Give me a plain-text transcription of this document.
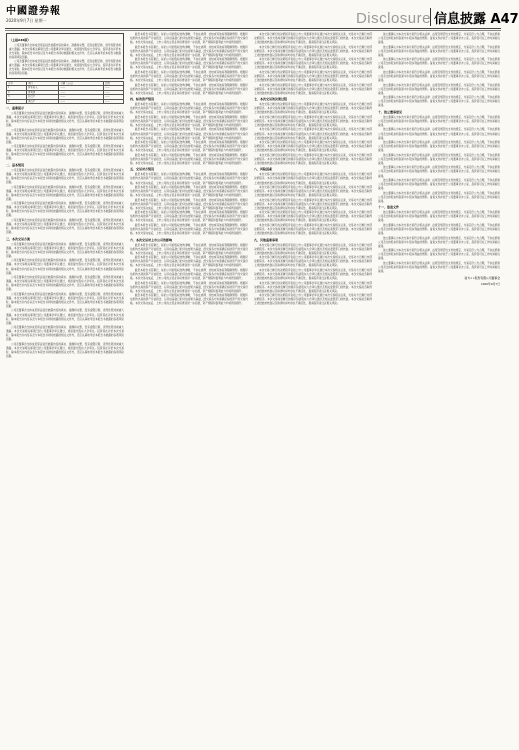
中國證券報
2020年9月7日 星期一	Disclosure 信息披露 A47
（上接A46版）

公司及董事会全体成员保证信息披露内容的真实、准确和完整，没有虚假记载、误导性陈述或重大遗漏。本次交易相关事项已经公司董事会审议通过，尚需提交股东大会审议。投资者在评价本次交易时，除本报告书内容以及与本报告书同时披露的相关文件外，还应认真地考虑本报告书披露的各项风险因素。

公司及董事会全体成员保证信息披露内容的真实、准确和完整，没有虚假记载、误导性陈述或重大遗漏。本次交易相关事项已经公司董事会审议通过，尚需提交股东大会审议。投资者在评价本次交易时，除本报告书内容以及与本报告书同时披露的相关文件外，还应认真地考虑本报告书披露的各项风险因素。

序号	项目	金额（万元）	比例
1	营业收入	——	——
2	净利润	——	——
3	总资产	——	——
4	净资产	——	——
一、重要提示

公司及董事会全体成员保证信息披露内容的真实、准确和完整，没有虚假记载、误导性陈述或重大遗漏。本次交易相关事项已经公司董事会审议通过，尚需提交股东大会审议。投资者在评价本次交易时，除本报告书内容以及与本报告书同时披露的相关文件外，还应认真地考虑本报告书披露的各项风险因素。

公司及董事会全体成员保证信息披露内容的真实、准确和完整，没有虚假记载、误导性陈述或重大遗漏。本次交易相关事项已经公司董事会审议通过，尚需提交股东大会审议。投资者在评价本次交易时，除本报告书内容以及与本报告书同时披露的相关文件外，还应认真地考虑本报告书披露的各项风险因素。

公司及董事会全体成员保证信息披露内容的真实、准确和完整，没有虚假记载、误导性陈述或重大遗漏。本次交易相关事项已经公司董事会审议通过，尚需提交股东大会审议。投资者在评价本次交易时，除本报告书内容以及与本报告书同时披露的相关文件外，还应认真地考虑本报告书披露的各项风险因素。

二、基本情况

公司及董事会全体成员保证信息披露内容的真实、准确和完整，没有虚假记载、误导性陈述或重大遗漏。本次交易相关事项已经公司董事会审议通过，尚需提交股东大会审议。投资者在评价本次交易时，除本报告书内容以及与本报告书同时披露的相关文件外，还应认真地考虑本报告书披露的各项风险因素。

公司及董事会全体成员保证信息披露内容的真实、准确和完整，没有虚假记载、误导性陈述或重大遗漏。本次交易相关事项已经公司董事会审议通过，尚需提交股东大会审议。投资者在评价本次交易时，除本报告书内容以及与本报告书同时披露的相关文件外，还应认真地考虑本报告书披露的各项风险因素。

公司及董事会全体成员保证信息披露内容的真实、准确和完整，没有虚假记载、误导性陈述或重大遗漏。本次交易相关事项已经公司董事会审议通过，尚需提交股东大会审议。投资者在评价本次交易时，除本报告书内容以及与本报告书同时披露的相关文件外，还应认真地考虑本报告书披露的各项风险因素。

公司及董事会全体成员保证信息披露内容的真实、准确和完整，没有虚假记载、误导性陈述或重大遗漏。本次交易相关事项已经公司董事会审议通过，尚需提交股东大会审议。投资者在评价本次交易时，除本报告书内容以及与本报告书同时披露的相关文件外，还应认真地考虑本报告书披露的各项风险因素。

三、本次交易方案

公司及董事会全体成员保证信息披露内容的真实、准确和完整，没有虚假记载、误导性陈述或重大遗漏。本次交易相关事项已经公司董事会审议通过，尚需提交股东大会审议。投资者在评价本次交易时，除本报告书内容以及与本报告书同时披露的相关文件外，还应认真地考虑本报告书披露的各项风险因素。

公司及董事会全体成员保证信息披露内容的真实、准确和完整，没有虚假记载、误导性陈述或重大遗漏。本次交易相关事项已经公司董事会审议通过，尚需提交股东大会审议。投资者在评价本次交易时，除本报告书内容以及与本报告书同时披露的相关文件外，还应认真地考虑本报告书披露的各项风险因素。

公司及董事会全体成员保证信息披露内容的真实、准确和完整，没有虚假记载、误导性陈述或重大遗漏。本次交易相关事项已经公司董事会审议通过，尚需提交股东大会审议。投资者在评价本次交易时，除本报告书内容以及与本报告书同时披露的相关文件外，还应认真地考虑本报告书披露的各项风险因素。

公司及董事会全体成员保证信息披露内容的真实、准确和完整，没有虚假记载、误导性陈述或重大遗漏。本次交易相关事项已经公司董事会审议通过，尚需提交股东大会审议。投资者在评价本次交易时，除本报告书内容以及与本报告书同时披露的相关文件外，还应认真地考虑本报告书披露的各项风险因素。

公司及董事会全体成员保证信息披露内容的真实、准确和完整，没有虚假记载、误导性陈述或重大遗漏。本次交易相关事项已经公司董事会审议通过，尚需提交股东大会审议。投资者在评价本次交易时，除本报告书内容以及与本报告书同时披露的相关文件外，还应认真地考虑本报告书披露的各项风险因素。

公司及董事会全体成员保证信息披露内容的真实、准确和完整，没有虚假记载、误导性陈述或重大遗漏。本次交易相关事项已经公司董事会审议通过，尚需提交股东大会审议。投资者在评价本次交易时，除本报告书内容以及与本报告书同时披露的相关文件外，还应认真地考虑本报告书披露的各项风险因素。

公司及董事会全体成员保证信息披露内容的真实、准确和完整，没有虚假记载、误导性陈述或重大遗漏。本次交易相关事项已经公司董事会审议通过，尚需提交股东大会审议。投资者在评价本次交易时，除本报告书内容以及与本报告书同时披露的相关文件外，还应认真地考虑本报告书披露的各项风险因素。

截至本报告书签署日，标的公司的股权结构清晰，不存在质押、冻结或其他权利限制情形。根据评估机构出具的资产评估报告，以评估基准日的评估结果为基础，经交易各方协商确定标的资产的交易价格。本次交易完成后，上市公司的主营业务将得到进一步拓展，资产规模和盈利能力均将得到提升。

截至本报告书签署日，标的公司的股权结构清晰，不存在质押、冻结或其他权利限制情形。根据评估机构出具的资产评估报告，以评估基准日的评估结果为基础，经交易各方协商确定标的资产的交易价格。本次交易完成后，上市公司的主营业务将得到进一步拓展，资产规模和盈利能力均将得到提升。

截至本报告书签署日，标的公司的股权结构清晰，不存在质押、冻结或其他权利限制情形。根据评估机构出具的资产评估报告，以评估基准日的评估结果为基础，经交易各方协商确定标的资产的交易价格。本次交易完成后，上市公司的主营业务将得到进一步拓展，资产规模和盈利能力均将得到提升。

截至本报告书签署日，标的公司的股权结构清晰，不存在质押、冻结或其他权利限制情形。根据评估机构出具的资产评估报告，以评估基准日的评估结果为基础，经交易各方协商确定标的资产的交易价格。本次交易完成后，上市公司的主营业务将得到进一步拓展，资产规模和盈利能力均将得到提升。

截至本报告书签署日，标的公司的股权结构清晰，不存在质押、冻结或其他权利限制情形。根据评估机构出具的资产评估报告，以评估基准日的评估结果为基础，经交易各方协商确定标的资产的交易价格。本次交易完成后，上市公司的主营业务将得到进一步拓展，资产规模和盈利能力均将得到提升。

四、标的资产情况

截至本报告书签署日，标的公司的股权结构清晰，不存在质押、冻结或其他权利限制情形。根据评估机构出具的资产评估报告，以评估基准日的评估结果为基础，经交易各方协商确定标的资产的交易价格。本次交易完成后，上市公司的主营业务将得到进一步拓展，资产规模和盈利能力均将得到提升。

截至本报告书签署日，标的公司的股权结构清晰，不存在质押、冻结或其他权利限制情形。根据评估机构出具的资产评估报告，以评估基准日的评估结果为基础，经交易各方协商确定标的资产的交易价格。本次交易完成后，上市公司的主营业务将得到进一步拓展，资产规模和盈利能力均将得到提升。

截至本报告书签署日，标的公司的股权结构清晰，不存在质押、冻结或其他权利限制情形。根据评估机构出具的资产评估报告，以评估基准日的评估结果为基础，经交易各方协商确定标的资产的交易价格。本次交易完成后，上市公司的主营业务将得到进一步拓展，资产规模和盈利能力均将得到提升。

截至本报告书签署日，标的公司的股权结构清晰，不存在质押、冻结或其他权利限制情形。根据评估机构出具的资产评估报告，以评估基准日的评估结果为基础，经交易各方协商确定标的资产的交易价格。本次交易完成后，上市公司的主营业务将得到进一步拓展，资产规模和盈利能力均将得到提升。

截至本报告书签署日，标的公司的股权结构清晰，不存在质押、冻结或其他权利限制情形。根据评估机构出具的资产评估报告，以评估基准日的评估结果为基础，经交易各方协商确定标的资产的交易价格。本次交易完成后，上市公司的主营业务将得到进一步拓展，资产规模和盈利能力均将得到提升。

五、交易对方情况

截至本报告书签署日，标的公司的股权结构清晰，不存在质押、冻结或其他权利限制情形。根据评估机构出具的资产评估报告，以评估基准日的评估结果为基础，经交易各方协商确定标的资产的交易价格。本次交易完成后，上市公司的主营业务将得到进一步拓展，资产规模和盈利能力均将得到提升。

截至本报告书签署日，标的公司的股权结构清晰，不存在质押、冻结或其他权利限制情形。根据评估机构出具的资产评估报告，以评估基准日的评估结果为基础，经交易各方协商确定标的资产的交易价格。本次交易完成后，上市公司的主营业务将得到进一步拓展，资产规模和盈利能力均将得到提升。

截至本报告书签署日，标的公司的股权结构清晰，不存在质押、冻结或其他权利限制情形。根据评估机构出具的资产评估报告，以评估基准日的评估结果为基础，经交易各方协商确定标的资产的交易价格。本次交易完成后，上市公司的主营业务将得到进一步拓展，资产规模和盈利能力均将得到提升。

截至本报告书签署日，标的公司的股权结构清晰，不存在质押、冻结或其他权利限制情形。根据评估机构出具的资产评估报告，以评估基准日的评估结果为基础，经交易各方协商确定标的资产的交易价格。本次交易完成后，上市公司的主营业务将得到进一步拓展，资产规模和盈利能力均将得到提升。

截至本报告书签署日，标的公司的股权结构清晰，不存在质押、冻结或其他权利限制情形。根据评估机构出具的资产评估报告，以评估基准日的评估结果为基础，经交易各方协商确定标的资产的交易价格。本次交易完成后，上市公司的主营业务将得到进一步拓展，资产规模和盈利能力均将得到提升。

六、本次交易对上市公司的影响

截至本报告书签署日，标的公司的股权结构清晰，不存在质押、冻结或其他权利限制情形。根据评估机构出具的资产评估报告，以评估基准日的评估结果为基础，经交易各方协商确定标的资产的交易价格。本次交易完成后，上市公司的主营业务将得到进一步拓展，资产规模和盈利能力均将得到提升。

截至本报告书签署日，标的公司的股权结构清晰，不存在质押、冻结或其他权利限制情形。根据评估机构出具的资产评估报告，以评估基准日的评估结果为基础，经交易各方协商确定标的资产的交易价格。本次交易完成后，上市公司的主营业务将得到进一步拓展，资产规模和盈利能力均将得到提升。

截至本报告书签署日，标的公司的股权结构清晰，不存在质押、冻结或其他权利限制情形。根据评估机构出具的资产评估报告，以评估基准日的评估结果为基础，经交易各方协商确定标的资产的交易价格。本次交易完成后，上市公司的主营业务将得到进一步拓展，资产规模和盈利能力均将得到提升。

截至本报告书签署日，标的公司的股权结构清晰，不存在质押、冻结或其他权利限制情形。根据评估机构出具的资产评估报告，以评估基准日的评估结果为基础，经交易各方协商确定标的资产的交易价格。本次交易完成后，上市公司的主营业务将得到进一步拓展，资产规模和盈利能力均将得到提升。

截至本报告书签署日，标的公司的股权结构清晰，不存在质押、冻结或其他权利限制情形。根据评估机构出具的资产评估报告，以评估基准日的评估结果为基础，经交易各方协商确定标的资产的交易价格。本次交易完成后，上市公司的主营业务将得到进一步拓展，资产规模和盈利能力均将得到提升。

本次交易已履行的决策程序包括上市公司董事会审议通过本次交易相关议案，交易对方已履行内部决策程序。本次交易尚需履行的程序包括股东大会审议通过及相关监管部门的核准。本次交易能否取得上述批准或核准以及取得时间均存在不确定性，提请投资者注意相关风险。

本次交易已履行的决策程序包括上市公司董事会审议通过本次交易相关议案，交易对方已履行内部决策程序。本次交易尚需履行的程序包括股东大会审议通过及相关监管部门的核准。本次交易能否取得上述批准或核准以及取得时间均存在不确定性，提请投资者注意相关风险。

本次交易已履行的决策程序包括上市公司董事会审议通过本次交易相关议案，交易对方已履行内部决策程序。本次交易尚需履行的程序包括股东大会审议通过及相关监管部门的核准。本次交易能否取得上述批准或核准以及取得时间均存在不确定性，提请投资者注意相关风险。

本次交易已履行的决策程序包括上市公司董事会审议通过本次交易相关议案，交易对方已履行内部决策程序。本次交易尚需履行的程序包括股东大会审议通过及相关监管部门的核准。本次交易能否取得上述批准或核准以及取得时间均存在不确定性，提请投资者注意相关风险。

本次交易已履行的决策程序包括上市公司董事会审议通过本次交易相关议案，交易对方已履行内部决策程序。本次交易尚需履行的程序包括股东大会审议通过及相关监管部门的核准。本次交易能否取得上述批准或核准以及取得时间均存在不确定性，提请投资者注意相关风险。

七、本次交易的决策过程

本次交易已履行的决策程序包括上市公司董事会审议通过本次交易相关议案，交易对方已履行内部决策程序。本次交易尚需履行的程序包括股东大会审议通过及相关监管部门的核准。本次交易能否取得上述批准或核准以及取得时间均存在不确定性，提请投资者注意相关风险。

本次交易已履行的决策程序包括上市公司董事会审议通过本次交易相关议案，交易对方已履行内部决策程序。本次交易尚需履行的程序包括股东大会审议通过及相关监管部门的核准。本次交易能否取得上述批准或核准以及取得时间均存在不确定性，提请投资者注意相关风险。

本次交易已履行的决策程序包括上市公司董事会审议通过本次交易相关议案，交易对方已履行内部决策程序。本次交易尚需履行的程序包括股东大会审议通过及相关监管部门的核准。本次交易能否取得上述批准或核准以及取得时间均存在不确定性，提请投资者注意相关风险。

本次交易已履行的决策程序包括上市公司董事会审议通过本次交易相关议案，交易对方已履行内部决策程序。本次交易尚需履行的程序包括股东大会审议通过及相关监管部门的核准。本次交易能否取得上述批准或核准以及取得时间均存在不确定性，提请投资者注意相关风险。

本次交易已履行的决策程序包括上市公司董事会审议通过本次交易相关议案，交易对方已履行内部决策程序。本次交易尚需履行的程序包括股东大会审议通过及相关监管部门的核准。本次交易能否取得上述批准或核准以及取得时间均存在不确定性，提请投资者注意相关风险。

八、风险因素

本次交易已履行的决策程序包括上市公司董事会审议通过本次交易相关议案，交易对方已履行内部决策程序。本次交易尚需履行的程序包括股东大会审议通过及相关监管部门的核准。本次交易能否取得上述批准或核准以及取得时间均存在不确定性，提请投资者注意相关风险。

本次交易已履行的决策程序包括上市公司董事会审议通过本次交易相关议案，交易对方已履行内部决策程序。本次交易尚需履行的程序包括股东大会审议通过及相关监管部门的核准。本次交易能否取得上述批准或核准以及取得时间均存在不确定性，提请投资者注意相关风险。

本次交易已履行的决策程序包括上市公司董事会审议通过本次交易相关议案，交易对方已履行内部决策程序。本次交易尚需履行的程序包括股东大会审议通过及相关监管部门的核准。本次交易能否取得上述批准或核准以及取得时间均存在不确定性，提请投资者注意相关风险。

本次交易已履行的决策程序包括上市公司董事会审议通过本次交易相关议案，交易对方已履行内部决策程序。本次交易尚需履行的程序包括股东大会审议通过及相关监管部门的核准。本次交易能否取得上述批准或核准以及取得时间均存在不确定性，提请投资者注意相关风险。

本次交易已履行的决策程序包括上市公司董事会审议通过本次交易相关议案，交易对方已履行内部决策程序。本次交易尚需履行的程序包括股东大会审议通过及相关监管部门的核准。本次交易能否取得上述批准或核准以及取得时间均存在不确定性，提请投资者注意相关风险。

九、其他重要事项

本次交易已履行的决策程序包括上市公司董事会审议通过本次交易相关议案，交易对方已履行内部决策程序。本次交易尚需履行的程序包括股东大会审议通过及相关监管部门的核准。本次交易能否取得上述批准或核准以及取得时间均存在不确定性，提请投资者注意相关风险。

本次交易已履行的决策程序包括上市公司董事会审议通过本次交易相关议案，交易对方已履行内部决策程序。本次交易尚需履行的程序包括股东大会审议通过及相关监管部门的核准。本次交易能否取得上述批准或核准以及取得时间均存在不确定性，提请投资者注意相关风险。

本次交易已履行的决策程序包括上市公司董事会审议通过本次交易相关议案，交易对方已履行内部决策程序。本次交易尚需履行的程序包括股东大会审议通过及相关监管部门的核准。本次交易能否取得上述批准或核准以及取得时间均存在不确定性，提请投资者注意相关风险。

本次交易已履行的决策程序包括上市公司董事会审议通过本次交易相关议案，交易对方已履行内部决策程序。本次交易尚需履行的程序包括股东大会审议通过及相关监管部门的核准。本次交易能否取得上述批准或核准以及取得时间均存在不确定性，提请投资者注意相关风险。

本次交易已履行的决策程序包括上市公司董事会审议通过本次交易相关议案，交易对方已履行内部决策程序。本次交易尚需履行的程序包括股东大会审议通过及相关监管部门的核准。本次交易能否取得上述批准或核准以及取得时间均存在不确定性，提请投资者注意相关风险。

独立董事认为本次交易方案符合相关法律、法规及规范性文件的规定，交易定价公允合理，不存在损害公司及全体股东特别是中小股东利益的情形。备查文件存放于公司董事会办公室，投资者可在工作时间前往查阅。

独立董事认为本次交易方案符合相关法律、法规及规范性文件的规定，交易定价公允合理，不存在损害公司及全体股东特别是中小股东利益的情形。备查文件存放于公司董事会办公室，投资者可在工作时间前往查阅。

独立董事认为本次交易方案符合相关法律、法规及规范性文件的规定，交易定价公允合理，不存在损害公司及全体股东特别是中小股东利益的情形。备查文件存放于公司董事会办公室，投资者可在工作时间前往查阅。

独立董事认为本次交易方案符合相关法律、法规及规范性文件的规定，交易定价公允合理，不存在损害公司及全体股东特别是中小股东利益的情形。备查文件存放于公司董事会办公室，投资者可在工作时间前往查阅。

独立董事认为本次交易方案符合相关法律、法规及规范性文件的规定，交易定价公允合理，不存在损害公司及全体股东特别是中小股东利益的情形。备查文件存放于公司董事会办公室，投资者可在工作时间前往查阅。

独立董事认为本次交易方案符合相关法律、法规及规范性文件的规定，交易定价公允合理，不存在损害公司及全体股东特别是中小股东利益的情形。备查文件存放于公司董事会办公室，投资者可在工作时间前往查阅。

十、独立董事意见

独立董事认为本次交易方案符合相关法律、法规及规范性文件的规定，交易定价公允合理，不存在损害公司及全体股东特别是中小股东利益的情形。备查文件存放于公司董事会办公室，投资者可在工作时间前往查阅。

独立董事认为本次交易方案符合相关法律、法规及规范性文件的规定，交易定价公允合理，不存在损害公司及全体股东特别是中小股东利益的情形。备查文件存放于公司董事会办公室，投资者可在工作时间前往查阅。

独立董事认为本次交易方案符合相关法律、法规及规范性文件的规定，交易定价公允合理，不存在损害公司及全体股东特别是中小股东利益的情形。备查文件存放于公司董事会办公室，投资者可在工作时间前往查阅。

独立董事认为本次交易方案符合相关法律、法规及规范性文件的规定，交易定价公允合理，不存在损害公司及全体股东特别是中小股东利益的情形。备查文件存放于公司董事会办公室，投资者可在工作时间前往查阅。

独立董事认为本次交易方案符合相关法律、法规及规范性文件的规定，交易定价公允合理，不存在损害公司及全体股东特别是中小股东利益的情形。备查文件存放于公司董事会办公室，投资者可在工作时间前往查阅。

独立董事认为本次交易方案符合相关法律、法规及规范性文件的规定，交易定价公允合理，不存在损害公司及全体股东特别是中小股东利益的情形。备查文件存放于公司董事会办公室，投资者可在工作时间前往查阅。

独立董事认为本次交易方案符合相关法律、法规及规范性文件的规定，交易定价公允合理，不存在损害公司及全体股东特别是中小股东利益的情形。备查文件存放于公司董事会办公室，投资者可在工作时间前往查阅。

十一、备查文件

独立董事认为本次交易方案符合相关法律、法规及规范性文件的规定，交易定价公允合理，不存在损害公司及全体股东特别是中小股东利益的情形。备查文件存放于公司董事会办公室，投资者可在工作时间前往查阅。

独立董事认为本次交易方案符合相关法律、法规及规范性文件的规定，交易定价公允合理，不存在损害公司及全体股东特别是中小股东利益的情形。备查文件存放于公司董事会办公室，投资者可在工作时间前往查阅。

独立董事认为本次交易方案符合相关法律、法规及规范性文件的规定，交易定价公允合理，不存在损害公司及全体股东特别是中小股东利益的情形。备查文件存放于公司董事会办公室，投资者可在工作时间前往查阅。

独立董事认为本次交易方案符合相关法律、法规及规范性文件的规定，交易定价公允合理，不存在损害公司及全体股东特别是中小股东利益的情形。备查文件存放于公司董事会办公室，投资者可在工作时间前往查阅。

独立董事认为本次交易方案符合相关法律、法规及规范性文件的规定，交易定价公允合理，不存在损害公司及全体股东特别是中小股东利益的情形。备查文件存放于公司董事会办公室，投资者可在工作时间前往查阅。

南方××股份有限公司董事会
2020年9月7日
